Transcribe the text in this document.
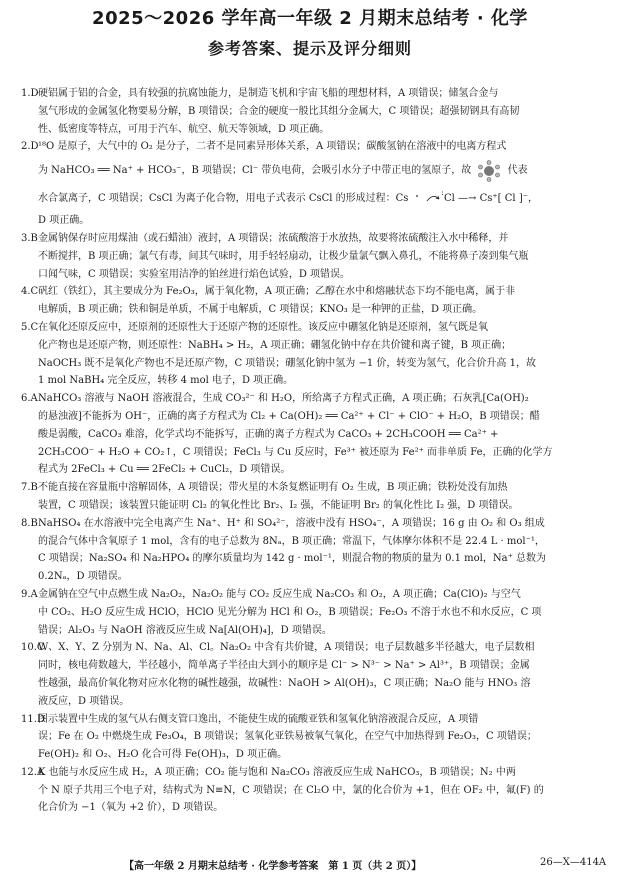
2025～2026 学年高一年级 2 月期末总结考 · 化学
参考答案、提示及评分细则
1.D 硬铝属于铝的合金，具有较强的抗腐蚀能力，是制造飞机和宇宙飞船的理想材料，A 项错误；储氢合金与

氢气形成的金属氢化物要易分解，B 项错误；合金的硬度一般比其组分金属大，C 项错误；超强韧钢具有高韧

性、低密度等特点，可用于汽车、航空、航天等领域，D 项正确。

2.D ¹⁸O 是原子，大气中的 O₂ 是分子，二者不是同素异形体关系，A 项错误；碳酸氢钠在溶液中的电离方程式

为 NaHCO₃ ══ Na⁺ + HCO₃⁻，B 项错误；Cl⁻ 带负电荷，会吸引水分子中带正电的氢原子，故	代表

水合氯离子，C 项错误；CsCl 为离子化合物，用电子式表示 CsCl 的形成过程：Cs	Cl
:
—→ Cs⁺[ Cl ]⁻，

D 项正确。

3.B 金属钠保存时应用煤油（或石蜡油）液封，A 项错误；浓硫酸溶于水放热，故要将浓硫酸注入水中稀释，并

不断搅拌，B 项正确；氯气有毒，间其气味时，用手轻轻扇动，让极少量氯气飘入鼻孔，不能将鼻子凑到集气瓶

口闻气味，C 项错误；实验室用洁净的铂丝进行焰色试验，D 项错误。

4.C 矾红（铁红），其主要成分为 Fe₂O₃，属于氧化物，A 项正确；乙醇在水中和熔融状态下均不能电离，属于非

电解质，B 项正确；铁和铜是单质，不属于电解质，C 项错误；KNO₃ 是一种钾的正盐，D 项正确。

5.C 在氧化还原反应中，还原剂的还原性大于还原产物的还原性。该反应中硼氢化钠是还原剂，氢气既是氧

化产物也是还原产物，则还原性：NaBH₄ > H₂，A 项正确；硼氢化钠中存在共价键和离子键，B 项正确；

NaOCH₃ 既不是氧化产物也不是还原产物，C 项错误；硼氢化钠中氢为 −1 价，转变为氢气，化合价升高 1，故

1 mol NaBH₄ 完全反应，转移 4 mol 电子，D 项正确。

6.A NaHCO₃ 溶液与 NaOH 溶液混合，生成 CO₃²⁻ 和 H₂O，所给离子方程式正确，A 项正确；石灰乳[Ca(OH)₂

的悬浊液]不能拆为 OH⁻，正确的离子方程式为 Cl₂ + Ca(OH)₂ ══ Ca²⁺ + Cl⁻ + ClO⁻ + H₂O，B 项错误；醋

酸是弱酸，CaCO₃ 难溶，化学式均不能拆写，正确的离子方程式为 CaCO₃ + 2CH₃COOH ══ Ca²⁺ +

2CH₃COO⁻ + H₂O + CO₂↑，C 项错误；FeCl₃ 与 Cu 反应时，Fe³⁺ 被还原为 Fe²⁺ 而非单质 Fe，正确的化学方

程式为 2FeCl₃ + Cu ══ 2FeCl₂ + CuCl₂，D 项错误。

7.B 不能直接在容量瓶中溶解固体，A 项错误；带火星的木条复燃证明有 O₂ 生成，B 项正确；铁粉处没有加热

装置，C 项错误；该装置只能证明 Cl₂ 的氧化性比 Br₂、I₂ 强，不能证明 Br₂ 的氧化性比 I₂ 强，D 项错误。

8.B NaHSO₄ 在水溶液中完全电离产生 Na⁺、H⁺ 和 SO₄²⁻，溶液中没有 HSO₄⁻，A 项错误；16 g 由 O₂ 和 O₃ 组成

的混合气体中含氧原子 1 mol，含有的电子总数为 8Nₐ，B 项正确；常温下，气体摩尔体积不是 22.4 L · mol⁻¹，

C 项错误；Na₂SO₄ 和 Na₂HPO₄ 的摩尔质量均为 142 g · mol⁻¹，则混合物的物质的量为 0.1 mol，Na⁺ 总数为

0.2Nₐ，D 项错误。

9.A 金属钠在空气中点燃生成 Na₂O₂，Na₂O₂ 能与 CO₂ 反应生成 Na₂CO₃ 和 O₂，A 项正确；Ca(ClO)₂ 与空气

中 CO₂、H₂O 反应生成 HClO，HClO 见光分解为 HCl 和 O₂，B 项错误；Fe₂O₃ 不溶于水也不和水反应，C 项

错误；Al₂O₃ 与 NaOH 溶液反应生成 Na[Al(OH)₄]，D 项错误。

10.C

W、X、Y、Z 分别为 N、Na、Al、Cl。Na₂O₂ 中含有共价键，A 项错误；电子层数越多半径越大，电子层数相

同时，核电荷数越大，半径越小，简单离子半径由大到小的顺序是 Cl⁻ > N³⁻ > Na⁺ > Al³⁺，B 项错误；金属

性越强，最高价氧化物对应水化物的碱性越强，故碱性：NaOH > Al(OH)₃，C 项正确；Na₂O 能与 HNO₃ 溶

液反应，D 项错误。

11.D

图示装置中生成的氢气从右侧支管口逸出，不能使生成的硫酸亚铁和氢氧化钠溶液混合反应，A 项错

误；Fe 在 O₂ 中燃烧生成 Fe₃O₄，B 项错误；氢氧化亚铁易被氧气氧化，在空气中加热得到 Fe₂O₃，C 项错误；

Fe(OH)₂ 和 O₂、H₂O 化合可得 Fe(OH)₃，D 项正确。

12.A

K 也能与水反应生成 H₂，A 项正确；CO₂ 能与饱和 Na₂CO₃ 溶液反应生成 NaHCO₃，B 项错误；N₂ 中两

个 N 原子共用三个电子对，结构式为 N≡N，C 项错误；在 Cl₂O 中，氯的化合价为 +1，但在 OF₂ 中，氟(F) 的

化合价为 −1（氧为 +2 价），D 项错误。

【高一年级 2 月期末总结考 · 化学参考答案　第 1 页（共 2 页）】	26—X—414A
